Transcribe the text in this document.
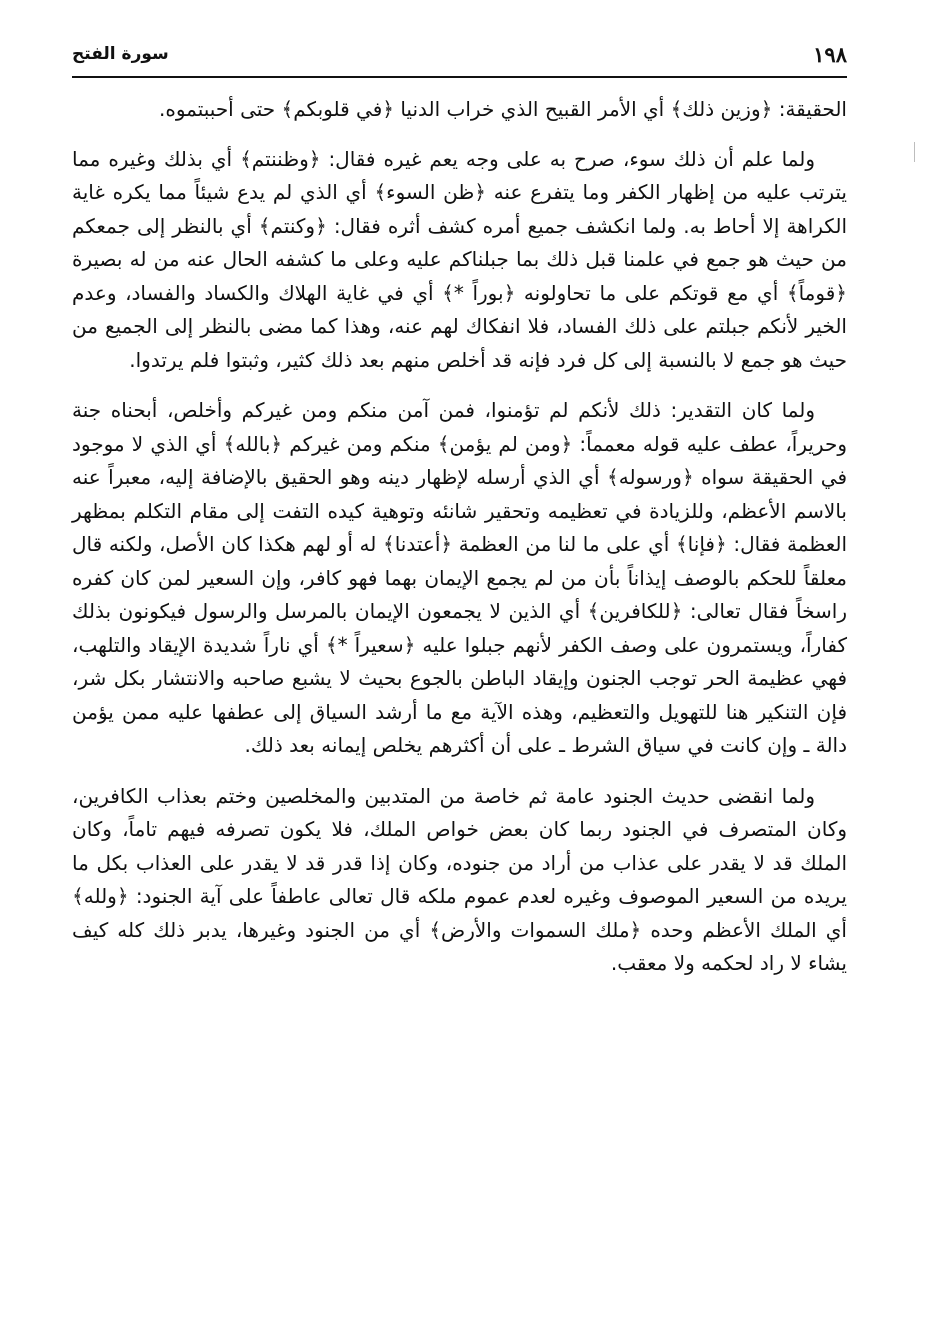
١٩٨
سورة الفتح

الحقيقة: ﴿وزين ذلك﴾ أي الأمر القبيح الذي خراب الدنيا ﴿في قلوبكم﴾ حتى أحببتموه.

ولما علم أن ذلك سوء، صرح به على وجه يعم غيره فقال: ﴿وظننتم﴾ أي بذلك وغيره مما يترتب عليه من إظهار الكفر وما يتفرع عنه ﴿ظن السوء﴾ أي الذي لم يدع شيئاً مما يكره غاية الكراهة إلا أحاط به. ولما انكشف جميع أمره كشف أثره فقال: ﴿وكنتم﴾ أي بالنظر إلى جمعكم من حيث هو جمع في علمنا قبل ذلك بما جبلناكم عليه وعلى ما كشفه الحال عنه من له بصيرة ﴿قوماً﴾ أي مع قوتكم على ما تحاولونه ﴿بوراً *﴾ أي في غاية الهلاك والكساد والفساد، وعدم الخير لأنكم جبلتم على ذلك الفساد، فلا انفكاك لهم عنه، وهذا كما مضى بالنظر إلى الجميع من حيث هو جمع لا بالنسبة إلى كل فرد فإنه قد أخلص منهم بعد ذلك كثير، وثبتوا فلم يرتدوا.

ولما كان التقدير: ذلك لأنكم لم تؤمنوا، فمن آمن منكم ومن غيركم وأخلص، أبحناه جنة وحريراً، عطف عليه قوله معمماً: ﴿ومن لم يؤمن﴾ منكم ومن غيركم ﴿بالله﴾ أي الذي لا موجود في الحقيقة سواه ﴿ورسوله﴾ أي الذي أرسله لإظهار دينه وهو الحقيق بالإضافة إليه، معبراً عنه بالاسم الأعظم، وللزيادة في تعظيمه وتحقير شانئه وتوهية كيده التفت إلى مقام التكلم بمظهر العظمة فقال: ﴿فإنا﴾ أي على ما لنا من العظمة ﴿أعتدنا﴾ له أو لهم هكذا كان الأصل، ولكنه قال معلقاً للحكم بالوصف إيذاناً بأن من لم يجمع الإيمان بهما فهو كافر، وإن السعير لمن كان كفره راسخاً فقال تعالى: ﴿للكافرين﴾ أي الذين لا يجمعون الإيمان بالمرسل والرسول فيكونون بذلك كفاراً، ويستمرون على وصف الكفر لأنهم جبلوا عليه ﴿سعيراً *﴾ أي ناراً شديدة الإيقاد والتلهب، فهي عظيمة الحر توجب الجنون وإيقاد الباطن بالجوع بحيث لا يشبع صاحبه والانتشار بكل شر، فإن التنكير هنا للتهويل والتعظيم، وهذه الآية مع ما أرشد السياق إلى عطفها عليه ممن يؤمن دالة ـ وإن كانت في سياق الشرط ـ على أن أكثرهم يخلص إيمانه بعد ذلك.

ولما انقضى حديث الجنود عامة ثم خاصة من المتدبين والمخلصين وختم بعذاب الكافرين، وكان المتصرف في الجنود ربما كان بعض خواص الملك، فلا يكون تصرفه فيهم تاماً، وكان الملك قد لا يقدر على عذاب من أراد من جنوده، وكان إذا قدر قد لا يقدر على العذاب بكل ما يريده من السعير الموصوف وغيره لعدم عموم ملكه قال تعالى عاطفاً على آية الجنود: ﴿ولله﴾ أي الملك الأعظم وحده ﴿ملك السموات والأرض﴾ أي من الجنود وغيرها، يدبر ذلك كله كيف يشاء لا راد لحكمه ولا معقب.
